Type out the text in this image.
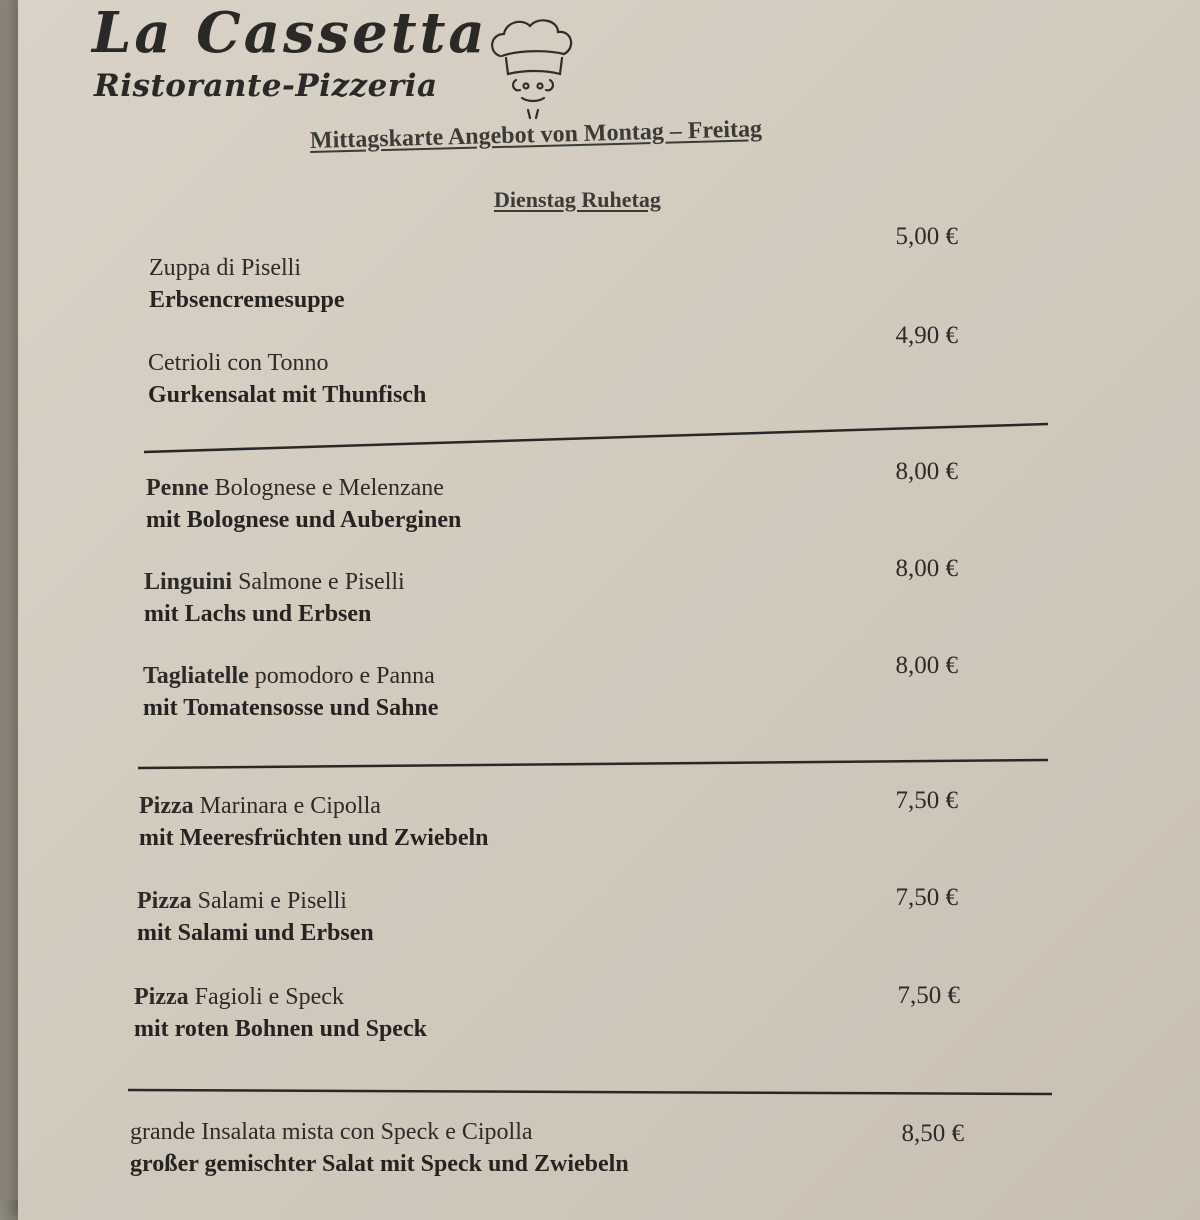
La Cassetta
Ristorante-Pizzeria
Mittagskarte Angebot von Montag – Freitag
Dienstag Ruhetag
Zuppa di Piselli
Erbsencremesuppe
5,00 €
Cetrioli con Tonno
Gurkensalat mit Thunfisch
4,90 €
Penne Bolognese e Melenzane
mit Bolognese und Auberginen
8,00 €
Linguini Salmone e Piselli
mit Lachs und Erbsen
8,00 €
Tagliatelle pomodoro e Panna
mit Tomatensosse und Sahne
8,00 €
Pizza Marinara e Cipolla
mit Meeresfrüchten und Zwiebeln
7,50 €
Pizza Salami e Piselli
mit Salami und Erbsen
7,50 €
Pizza Fagioli e Speck
mit roten Bohnen und Speck
7,50 €
grande Insalata mista con Speck e Cipolla
großer gemischter Salat mit Speck und Zwiebeln
8,50 €
